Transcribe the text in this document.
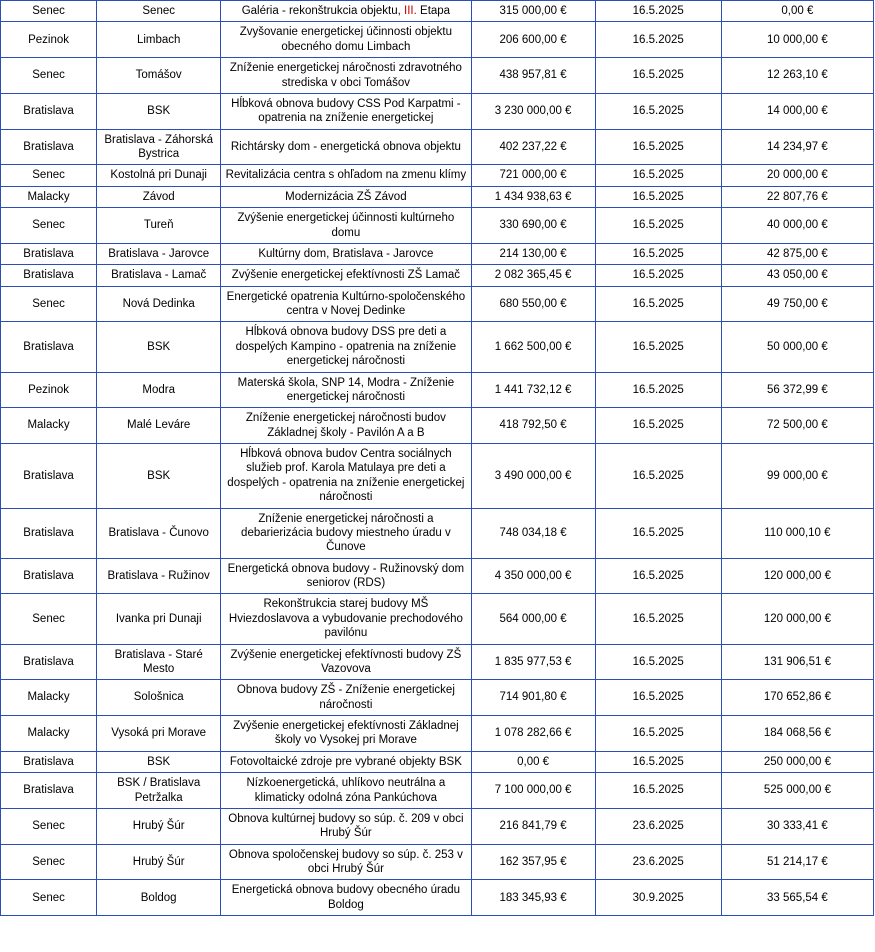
Senec	Senec	Galéria - rekonštrukcia objektu, III. Etapa	315 000,00 €	16.5.2025	0,00 €
Pezinok	Limbach	Zvyšovanie energetickej účinnosti objektu obecného domu Limbach	206 600,00 €	16.5.2025	10 000,00 €
Senec	Tomášov	Zníženie energetickej náročnosti zdravotného strediska v obci Tomášov	438 957,81 €	16.5.2025	12 263,10 €
Bratislava	BSK	Hĺbková obnova budovy CSS Pod Karpatmi - opatrenia na zníženie energetickej	3 230 000,00 €	16.5.2025	14 000,00 €
Bratislava	Bratislava - Záhorská Bystrica	Richtársky dom - energetická obnova objektu	402 237,22 €	16.5.2025	14 234,97 €
Senec	Kostolná pri Dunaji	Revitalizácia centra s ohľadom na zmenu klímy	721 000,00 €	16.5.2025	20 000,00 €
Malacky	Závod	Modernizácia ZŠ Závod	1 434 938,63 €	16.5.2025	22 807,76 €
Senec	Tureň	Zvýšenie energetickej účinnosti kultúrneho domu	330 690,00 €	16.5.2025	40 000,00 €
Bratislava	Bratislava - Jarovce	Kultúrny dom, Bratislava - Jarovce	214 130,00 €	16.5.2025	42 875,00 €
Bratislava	Bratislava - Lamač	Zvýšenie energetickej efektívnosti ZŠ Lamač	2 082 365,45 €	16.5.2025	43 050,00 €
Senec	Nová Dedinka	Energetické opatrenia Kultúrno-spoločenského centra v Novej Dedinke	680 550,00 €	16.5.2025	49 750,00 €
Bratislava	BSK	Hĺbková obnova budovy DSS pre deti a dospelých Kampino - opatrenia na zníženie energetickej náročnosti	1 662 500,00 €	16.5.2025	50 000,00 €
Pezinok	Modra	Materská škola, SNP 14, Modra - Zníženie energetickej náročnosti	1 441 732,12 €	16.5.2025	56 372,99 €
Malacky	Malé Leváre	Zníženie energetickej náročnosti budov Základnej školy - Pavilón A a B	418 792,50 €	16.5.2025	72 500,00 €
Bratislava	BSK	Hĺbková obnova budov Centra sociálnych služieb prof. Karola Matulaya pre deti a dospelých - opatrenia na zníženie energetickej náročnosti	3 490 000,00 €	16.5.2025	99 000,00 €
Bratislava	Bratislava - Čunovo	Zníženie energetickej náročnosti a debarierizácia budovy miestneho úradu v Čunove	748 034,18 €	16.5.2025	110 000,10 €
Bratislava	Bratislava - Ružinov	Energetická obnova budovy - Ružinovský dom seniorov (RDS)	4 350 000,00 €	16.5.2025	120 000,00 €
Senec	Ivanka pri Dunaji	Rekonštrukcia starej budovy MŠ Hviezdoslavova a vybudovanie prechodového pavilónu	564 000,00 €	16.5.2025	120 000,00 €
Bratislava	Bratislava - Staré Mesto	Zvýšenie energetickej efektívnosti budovy ZŠ Vazovova	1 835 977,53 €	16.5.2025	131 906,51 €
Malacky	Sološnica	Obnova budovy ZŠ - Zníženie energetickej náročnosti	714 901,80 €	16.5.2025	170 652,86 €
Malacky	Vysoká pri Morave	Zvýšenie energetickej efektívnosti Základnej školy vo Vysokej pri Morave	1 078 282,66 €	16.5.2025	184 068,56 €
Bratislava	BSK	Fotovoltaické zdroje pre vybrané objekty BSK	0,00 €	16.5.2025	250 000,00 €
Bratislava	BSK / Bratislava Petržalka	Nízkoenergetická, uhlíkovo neutrálna a klimaticky odolná zóna Pankúchova	7 100 000,00 €	16.5.2025	525 000,00 €
Senec	Hrubý Šúr	Obnova kultúrnej budovy so súp. č. 209 v obci Hrubý Šúr	216 841,79 €	23.6.2025	30 333,41 €
Senec	Hrubý Šúr	Obnova spoločenskej budovy so súp. č. 253 v obci Hrubý Šúr	162 357,95 €	23.6.2025	51 214,17 €
Senec	Boldog	Energetická obnova budovy obecného úradu Boldog	183 345,93 €	30.9.2025	33 565,54 €
